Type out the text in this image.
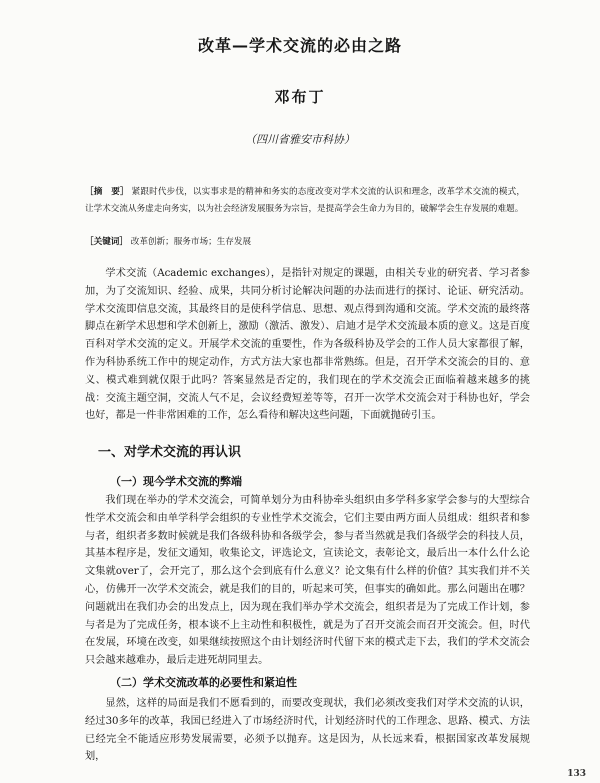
改革—学术交流的必由之路
邓布丁
（四川省雅安市科协）
［摘　要］ 紧跟时代步伐，以实事求是的精神和务实的态度改变对学术交流的认识和理念，改革学术交流的模式，让学术交流从务虚走向务实，以为社会经济发展服务为宗旨，是提高学会生命力为目的，破解学会生存发展的难题。
［关键词］ 改革创新；服务市场；生存发展

学术交流（Academic exchanges），是指针对规定的课题，由相关专业的研究者、学习者参加，为了交流知识、经验、成果，共同分析讨论解决问题的办法而进行的探讨、论证、研究活动。学术交流即信息交流，其最终目的是使科学信息、思想、观点得到沟通和交流。学术交流的最终落脚点在新学术思想和学术创新上，激励（激活、激发）、启迪才是学术交流最本质的意义。这是百度百科对学术交流的定义。开展学术交流的重要性，作为各级科协及学会的工作人员大家都很了解，作为科协系统工作中的规定动作，方式方法大家也都非常熟练。但是，召开学术交流会的目的、意义、模式难到就仅限于此吗？答案显然是否定的，我们现在的学术交流会正面临着越来越多的挑战：交流主题空洞，交流人气不足，会议经费短差等等，召开一次学术交流会对于科协也好，学会也好，都是一件非常困难的工作，怎么看待和解决这些问题，下面就抛砖引玉。

一、对学术交流的再认识
（一）现今学术交流的弊端

我们现在举办的学术交流会，可简单划分为由科协牵头组织由多学科多家学会参与的大型综合性学术交流会和由单学科学会组织的专业性学术交流会，它们主要由两方面人员组成：组织者和参与者，组织者多数时候就是我们各级科协和各级学会，参与者当然就是我们各级学会的科技人员，其基本程序是，发征文通知，收集论文，评选论文，宣读论文，表彰论文，最后出一本什么什么论文集就over了，会开完了，那么这个会到底有什么意义？论文集有什么样的价值？其实我们并不关心，仿佛开一次学术交流会，就是我们的目的，听起来可笑，但事实的确如此。那么问题出在哪？问题就出在我们办会的出发点上，因为现在我们举办学术交流会，组织者是为了完成工作计划，参与者是为了完成任务，根本谈不上主动性和积极性，就是为了召开交流会而召开交流会。但，时代在发展，环境在改变，如果继续按照这个由计划经济时代留下来的模式走下去，我们的学术交流会只会越来越难办，最后走进死胡同里去。

（二）学术交流改革的必要性和紧迫性

显然，这样的局面是我们不愿看到的，而要改变现状，我们必须改变我们对学术交流的认识，经过30多年的改革，我国已经进入了市场经济时代，计划经济时代的工作理念、思路、模式、方法已经完全不能适应形势发展需要，必须予以抛弃。这是因为，从长远来看，根据国家改革发展规划，

133
